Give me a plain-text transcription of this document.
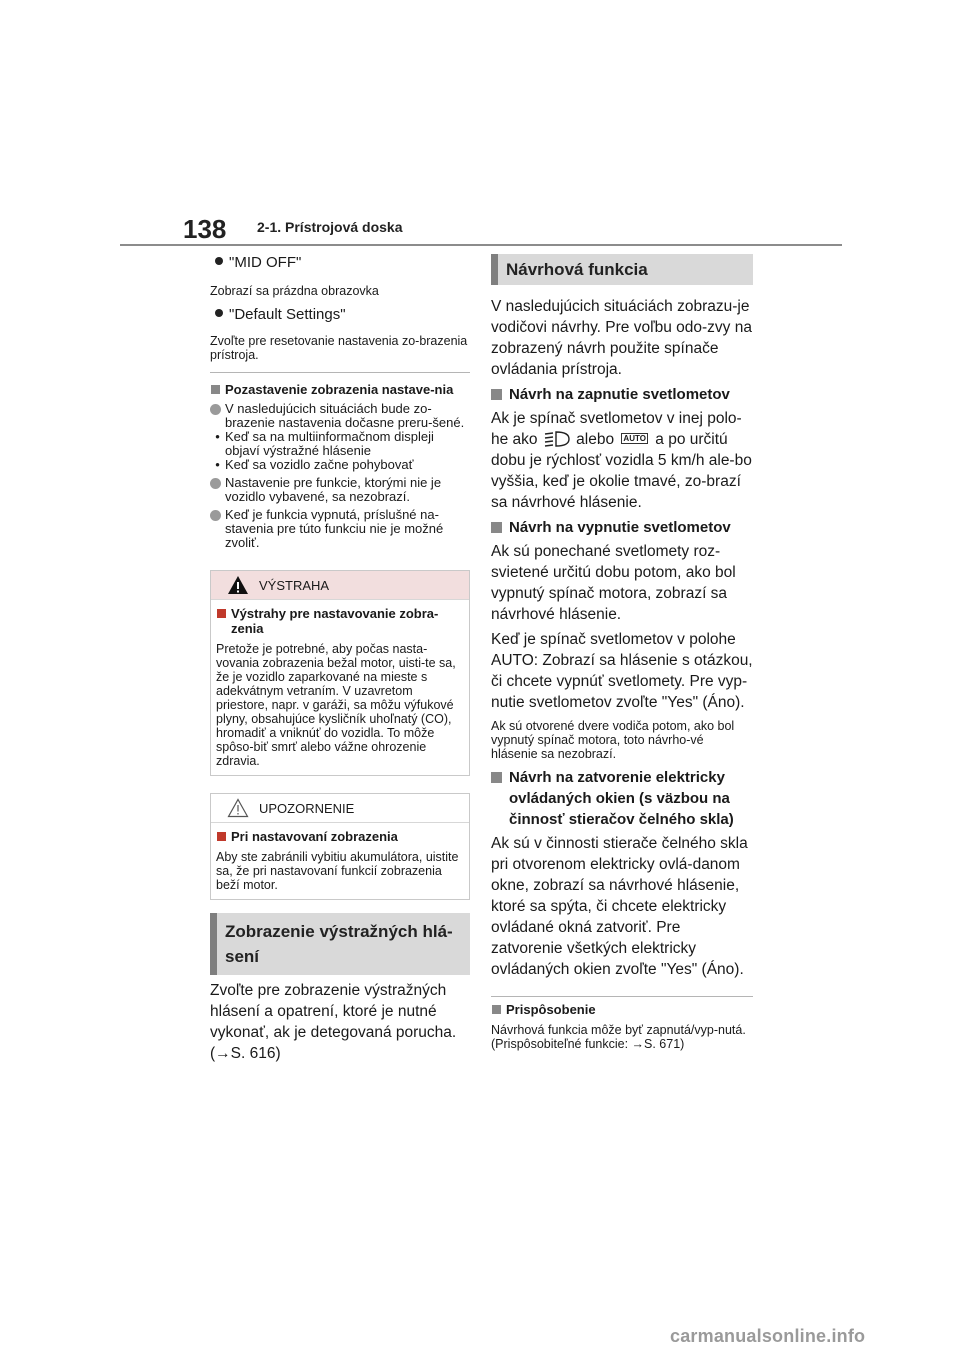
138 2-1. Prístrojová doska
"MID OFF"

Zobrazí sa prázdna obrazovka

"Default Settings"

Zvoľte pre resetovanie nastavenia zo-brazenia prístroja.

Pozastavenie zobrazenia nastave-nia
V nasledujúcich situáciách bude zo-brazenie nastavenia dočasne preru-šené.
• Keď sa na multiinformačnom displeji objaví výstražné hlásenie
• Keď sa vozidlo začne pohybovať
Nastavenie pre funkcie, ktorými nie je vozidlo vybavené, sa nezobrazí.
Keď je funkcia vypnutá, príslušné na-stavenia pre túto funkciu nie je možné zvoliť.
VÝSTRAHA
Výstrahy pre nastavovanie zobra-zenia

Pretože je potrebné, aby počas nasta-vovania zobrazenia bežal motor, uisti-te sa, že je vozidlo zaparkované na mieste s adekvátnym vetraním. V uzavretom priestore, napr. v garáži, sa môžu výfukové plyny, obsahujúce kysličník uhoľnatý (CO), hromadiť a vniknúť do vozidla. To môže spôso-biť smrť alebo vážne ohrozenie zdravia.

UPOZORNENIE
Pri nastavovaní zobrazenia

Aby ste zabránili vybitiu akumulátora, uistite sa, že pri nastavovaní funkcií zobrazenia beží motor.

Zobrazenie výstražných hlá-sení

Zvoľte pre zobrazenie výstražných hlásení a opatrení, ktoré je nutné vykonať, ak je detegovaná porucha.

(→S. 616)

Návrhová funkcia

V nasledujúcich situáciách zobrazu-je vodičovi návrhy. Pre voľbu odo-zvy na zobrazený návrh použite spínače ovládania prístroja.

Návrh na zapnutie svetlometov

Ak je spínač svetlometov v inej polo-he ako alebo AUTO a po určitú dobu je rýchlosť vozidla 5 km/h ale-bo vyššia, keď je okolie tmavé, zo-brazí sa návrhové hlásenie.

Návrh na vypnutie svetlometov

Ak sú ponechané svetlomety roz-svietené určitú dobu potom, ako bol vypnutý spínač motora, zobrazí sa návrhové hlásenie.

Keď je spínač svetlometov v polohe AUTO: Zobrazí sa hlásenie s otázkou, či chcete vypnúť svetlomety. Pre vyp-nutie svetlometov zvoľte "Yes" (Áno).

Ak sú otvorené dvere vodiča potom, ako bol vypnutý spínač motora, toto návrho-vé hlásenie sa nezobrazí.

Návrh na zatvorenie elektricky ovládaných okien (s väzbou na činnosť stieračov čelného skla)

Ak sú v činnosti stierače čelného skla pri otvorenom elektricky ovlá-danom okne, zobrazí sa návrhové hlásenie, ktoré sa spýta, či chcete elektricky ovládané okná zatvoriť. Pre zatvorenie všetkých elektricky ovládaných okien zvoľte "Yes" (Áno).

Prispôsobenie

Návrhová funkcia môže byť zapnutá/vyp-nutá. (Prispôsobiteľné funkcie: →S. 671)

carmanualsonline.info
